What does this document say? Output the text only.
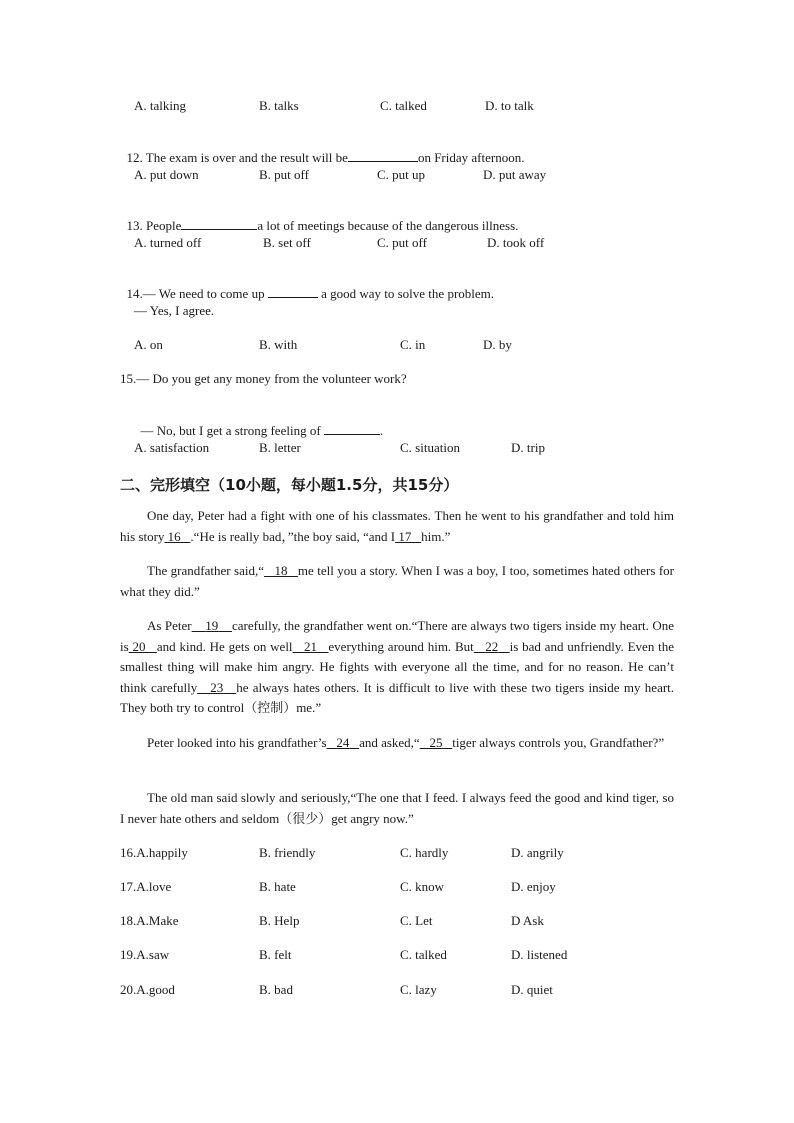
A. talking	B. talks	C. talked	D. to talk

12. The exam is over and the result will be	on Friday afternoon.

A. put down	B. put off	C. put up	D. put away

13. People	a lot of meetings because of the dangerous illness.

A. turned off	B. set off	C. put off	D. took off

14.— We need to come up	a good way to solve the problem.

— Yes, I agree.
A. on	B. with	C. in	D. by
15.— Do you get any money from the volunteer work?

— No, but I get a strong feeling of	.

A. satisfaction	B. letter	C. situation	D. trip
二、完形填空（10小题，每小题1.5分，共15分）
One day, Peter had a fight with one of his classmates. Then he went to his grandfather and told him his story 16 .“He is really bad，”the boy said, “and I 17 him.”
The grandfather said,“ 18 me tell you a story. When I was a boy, I too, sometimes hated others for what they did.”
As Peter 19 carefully, the grandfather went on.“There are always two tigers inside my heart. One is 20 and kind. He gets on well 21 everything around him. But 22 is bad and unfriendly. Even the smallest thing will make him angry. He fights with everyone all the time, and for no reason. He can’t think carefully 23 he always hates others. It is difficult to live with these two tigers inside my heart. They both try to control（控制）me.”
Peter looked into his grandfather’s 24 and asked,“ 25 tiger always controls you, Grandfather?”
The old man said slowly and seriously,“The one that I feed. I always feed the good and kind tiger, so I never hate others and seldom（很少）get angry now.”
16.A.happily	B. friendly	C. hardly	D. angrily
17.A.love	B. hate	C. know	D. enjoy
18.A.Make	B. Help	C. Let	D Ask
19.A.saw	B. felt	C. talked	D. listened
20.A.good	B. bad	C. lazy	D. quiet
